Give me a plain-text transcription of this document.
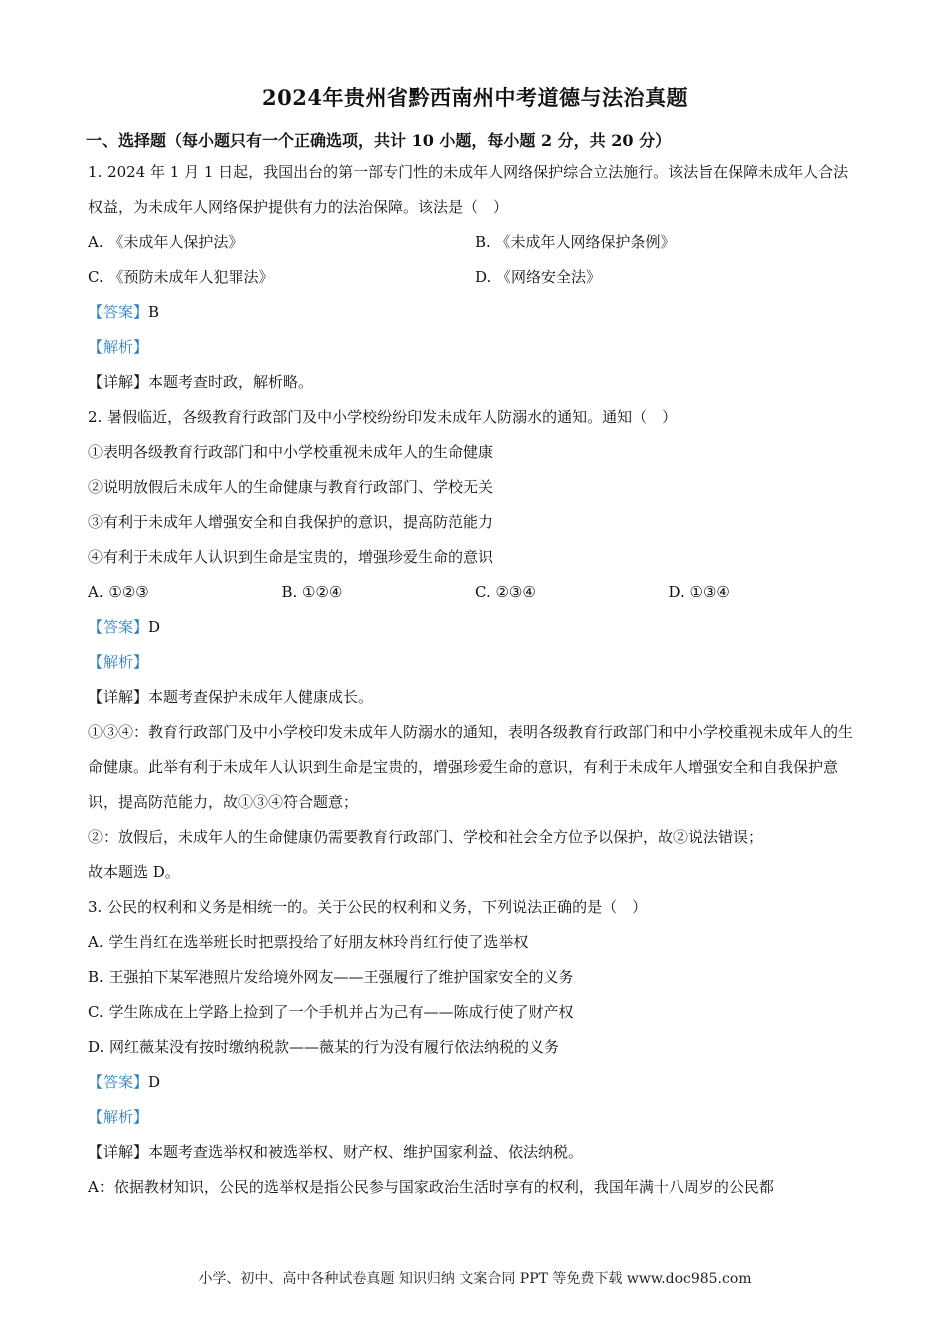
2024年贵州省黔西南州中考道德与法治真题
一、选择题（每小题只有一个正确选项，共计 10 小题，每小题 2 分，共 20 分）

1. 2024 年 1 月 1 日起，我国出台的第一部专门性的未成年人网络保护综合立法施行。该法旨在保障未成年人合法权益，为未成年人网络保护提供有力的法治保障。该法是（　）

A. 《未成年人保护法》	B. 《未成年人网络保护条例》
C. 《预防未成年人犯罪法》	D. 《网络安全法》

【答案】B

【解析】

【详解】本题考查时政，解析略。

2. 暑假临近，各级教育行政部门及中小学校纷纷印发未成年人防溺水的通知。通知（　）

①表明各级教育行政部门和中小学校重视未成年人的生命健康

②说明放假后未成年人的生命健康与教育行政部门、学校无关

③有利于未成年人增强安全和自我保护的意识，提高防范能力

④有利于未成年人认识到生命是宝贵的，增强珍爱生命的意识

A. ①②③	B. ①②④	C. ②③④	D. ①③④

【答案】D

【解析】

【详解】本题考查保护未成年人健康成长。

①③④：教育行政部门及中小学校印发未成年人防溺水的通知，表明各级教育行政部门和中小学校重视未成年人的生命健康。此举有利于未成年人认识到生命是宝贵的，增强珍爱生命的意识，有利于未成年人增强安全和自我保护意识，提高防范能力，故①③④符合题意；

②：放假后，未成年人的生命健康仍需要教育行政部门、学校和社会全方位予以保护，故②说法错误；

故本题选 D。

3. 公民的权利和义务是相统一的。关于公民的权利和义务，下列说法正确的是（　）

A. 学生肖红在选举班长时把票投给了好朋友林玲肖红行使了选举权

B. 王强拍下某军港照片发给境外网友——王强履行了维护国家安全的义务

C. 学生陈成在上学路上捡到了一个手机并占为己有——陈成行使了财产权

D. 网红薇某没有按时缴纳税款——薇某的行为没有履行依法纳税的义务

【答案】D

【解析】

【详解】本题考查选举权和被选举权、财产权、维护国家利益、依法纳税。

A：依据教材知识，公民的选举权是指公民参与国家政治生活时享有的权利，我国年满十八周岁的公民都

小学、初中、高中各种试卷真题 知识归纳 文案合同 PPT 等免费下载 www.doc985.com
